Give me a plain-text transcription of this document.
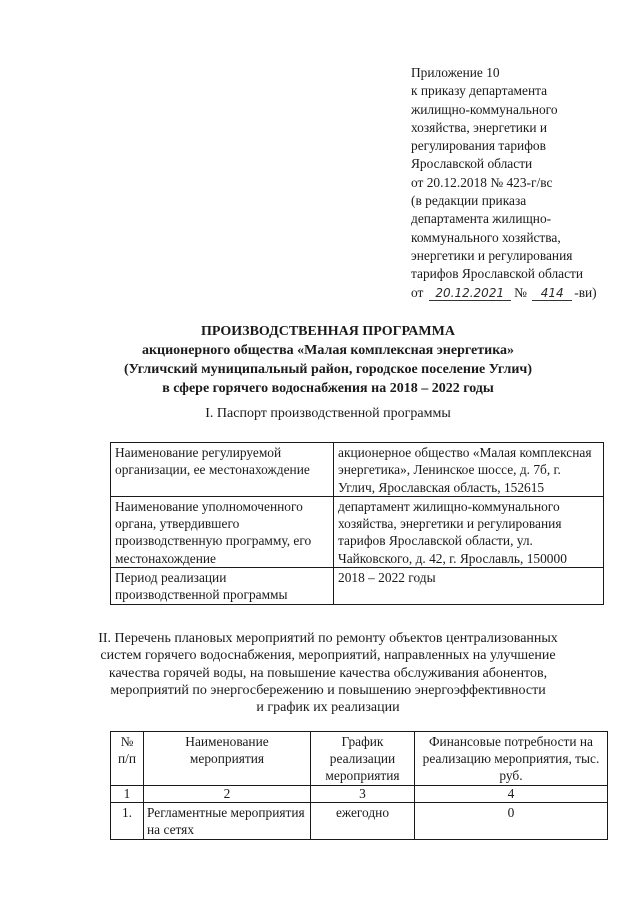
Приложение 10
к приказу департамента
жилищно-коммунального
хозяйства, энергетики и
регулирования тарифов
Ярославской области
от 20.12.2018 № 423-г/вс
(в редакции приказа
департамента жилищно-
коммунального хозяйства,
энергетики и регулирования
тарифов Ярославской области
от 20.12.2021 № 414 -ви)
ПРОИЗВОДСТВЕННАЯ ПРОГРАММА
акционерного общества «Малая комплексная энергетика»
(Угличский муниципальный район, городское поселение Углич)
в сфере горячего водоснабжения на 2018 – 2022 годы
I. Паспорт производственной программы
Наименование регулируемой организации, ее местонахождение	акционерное общество «Малая комплексная энергетика», Ленинское шоссе, д. 7б, г. Углич, Ярославская область, 152615
Наименование уполномоченного органа, утвердившего производственную программу, его местонахождение	департамент жилищно-коммунального хозяйства, энергетики и регулирования тарифов Ярославской области, ул. Чайковского, д. 42, г. Ярославль, 150000
Период реализации производственной программы	2018 – 2022 годы
II. Перечень плановых мероприятий по ремонту объектов централизованных
систем горячего водоснабжения, мероприятий, направленных на улучшение
качества горячей воды, на повышение качества обслуживания абонентов,
мероприятий по энергосбережению и повышению энергоэффективности
и график их реализации
№ п/п	Наименование мероприятия	График реализации мероприятия	Финансовые потребности на реализацию мероприятия, тыс. руб.
1	2	3	4
1.	Регламентные мероприятия на сетях	ежегодно	0
